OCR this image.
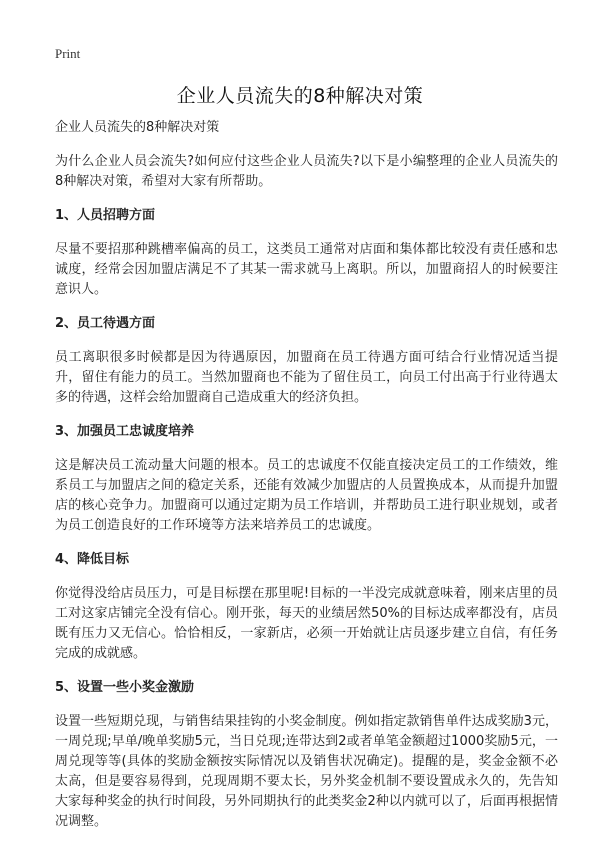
Print
企业人员流失的8种解决对策

企业人员流失的8种解决对策

为什么企业人员会流失?如何应付这些企业人员流失?以下是小编整理的企业人员流失的8种解决对策，希望对大家有所帮助。

1、人员招聘方面

尽量不要招那种跳槽率偏高的员工，这类员工通常对店面和集体都比较没有责任感和忠诚度，经常会因加盟店满足不了其某一需求就马上离职。所以，加盟商招人的时候要注意识人。

2、员工待遇方面

员工离职很多时候都是因为待遇原因，加盟商在员工待遇方面可结合行业情况适当提升，留住有能力的员工。当然加盟商也不能为了留住员工，向员工付出高于行业待遇太多的待遇，这样会给加盟商自己造成重大的经济负担。

3、加强员工忠诚度培养

这是解决员工流动量大问题的根本。员工的忠诚度不仅能直接决定员工的工作绩效，维系员工与加盟店之间的稳定关系，还能有效减少加盟店的人员置换成本，从而提升加盟店的核心竞争力。加盟商可以通过定期为员工作培训，并帮助员工进行职业规划，或者为员工创造良好的工作环境等方法来培养员工的忠诚度。

4、降低目标

你觉得没给店员压力，可是目标摆在那里呢!目标的一半没完成就意味着，刚来店里的员工对这家店铺完全没有信心。刚开张，每天的业绩居然50%的目标达成率都没有，店员既有压力又无信心。恰恰相反，一家新店，必须一开始就让店员逐步建立自信，有任务完成的成就感。

5、设置一些小奖金激励

设置一些短期兑现，与销售结果挂钩的小奖金制度。例如指定款销售单件达成奖励3元，一周兑现;早单/晚单奖励5元，当日兑现;连带达到2或者单笔金额超过1000奖励5元，一周兑现等等(具体的奖励金额按实际情况以及销售状况确定)。提醒的是，奖金金额不必太高，但是要容易得到，兑现周期不要太长，另外奖金机制不要设置成永久的，先告知大家每种奖金的执行时间段，另外同期执行的此类奖金2种以内就可以了，后面再根据情况调整。
